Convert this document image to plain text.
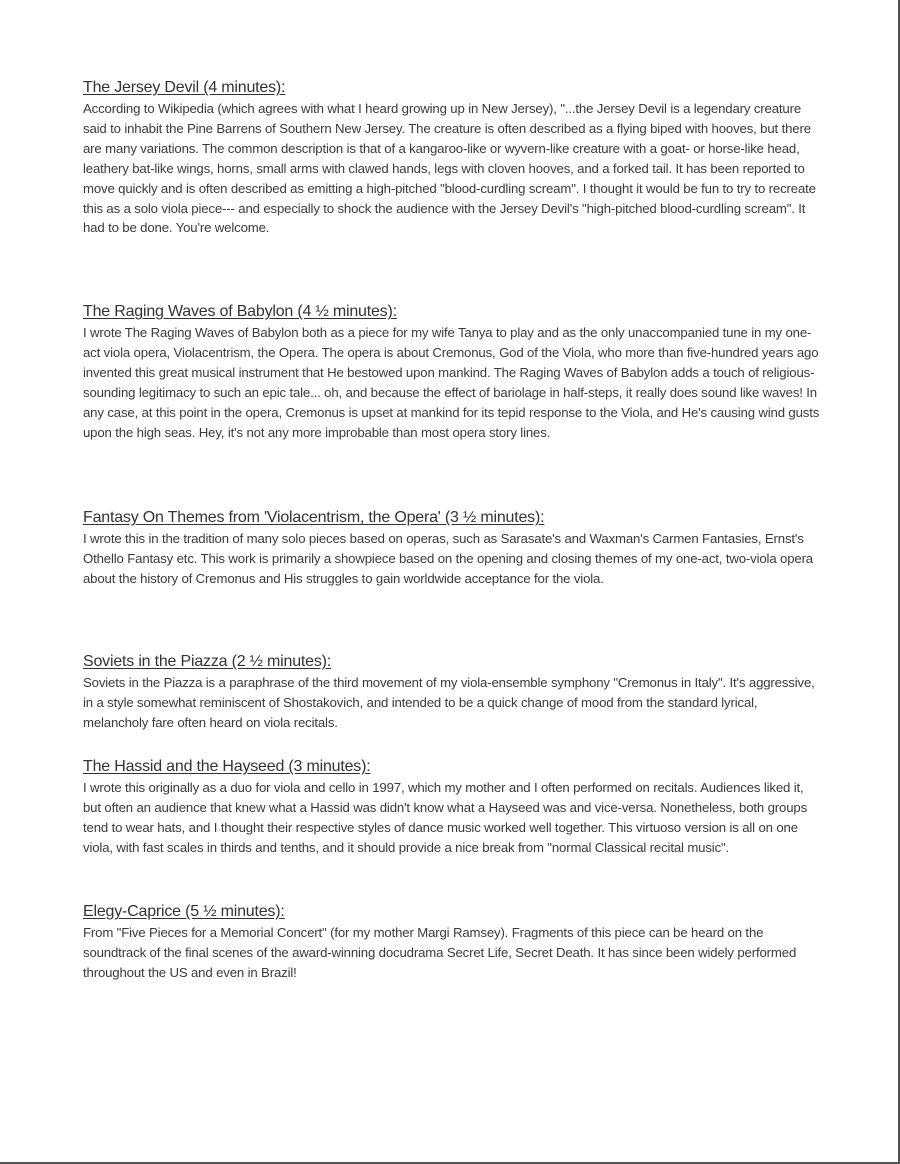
The Jersey Devil (4 minutes):

According to Wikipedia (which agrees with what I heard growing up in New Jersey), "...the Jersey Devil is a legendary creature said to inhabit the Pine Barrens of Southern New Jersey. The creature is often described as a flying biped with hooves, but there are many variations. The common description is that of a kangaroo-like or wyvern-like creature with a goat- or horse-like head, leathery bat-like wings, horns, small arms with clawed hands, legs with cloven hooves, and a forked tail. It has been reported to move quickly and is often described as emitting a high-pitched "blood-curdling scream". I thought it would be fun to try to recreate this as a solo viola piece--- and especially to shock the audience with the Jersey Devil's "high-pitched blood-curdling scream". It had to be done. You're welcome.

The Raging Waves of Babylon (4 ½ minutes):

I wrote The Raging Waves of Babylon both as a piece for my wife Tanya to play and as the only unaccompanied tune in my one-act viola opera, Violacentrism, the Opera. The opera is about Cremonus, God of the Viola, who more than five-hundred years ago invented this great musical instrument that He bestowed upon mankind. The Raging Waves of Babylon adds a touch of religious-sounding legitimacy to such an epic tale... oh, and because the effect of bariolage in half-steps, it really does sound like waves! In any case, at this point in the opera, Cremonus is upset at mankind for its tepid response to the Viola, and He's causing wind gusts upon the high seas. Hey, it's not any more improbable than most opera story lines.

Fantasy On Themes from 'Violacentrism, the Opera' (3 ½ minutes):

I wrote this in the tradition of many solo pieces based on operas, such as Sarasate's and Waxman's Carmen Fantasies, Ernst's Othello Fantasy etc. This work is primarily a showpiece based on the opening and closing themes of my one-act, two-viola opera about the history of Cremonus and His struggles to gain worldwide acceptance for the viola.

Soviets in the Piazza (2 ½ minutes):

Soviets in the Piazza is a paraphrase of the third movement of my viola-ensemble symphony "Cremonus in Italy". It's aggressive, in a style somewhat reminiscent of Shostakovich, and intended to be a quick change of mood from the standard lyrical, melancholy fare often heard on viola recitals.

The Hassid and the Hayseed (3 minutes):

I wrote this originally as a duo for viola and cello in 1997, which my mother and I often performed on recitals. Audiences liked it, but often an audience that knew what a Hassid was didn't know what a Hayseed was and vice-versa. Nonetheless, both groups tend to wear hats, and I thought their respective styles of dance music worked well together. This virtuoso version is all on one viola, with fast scales in thirds and tenths, and it should provide a nice break from "normal Classical recital music".

Elegy-Caprice (5 ½ minutes):

From "Five Pieces for a Memorial Concert" (for my mother Margi Ramsey). Fragments of this piece can be heard on the soundtrack of the final scenes of the award-winning docudrama Secret Life, Secret Death. It has since been widely performed throughout the US and even in Brazil!
